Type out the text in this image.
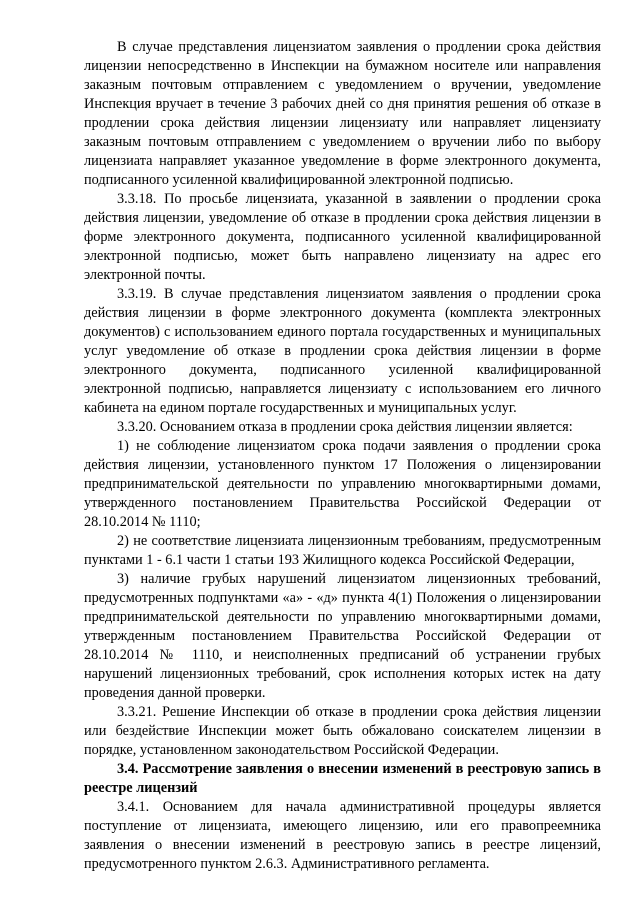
В случае представления лицензиатом заявления о продлении срока действия лицензии непосредственно в Инспекции на бумажном носителе или направления заказным почтовым отправлением с уведомлением о вручении, уведомление Инспекция вручает в течение 3 рабочих дней со дня принятия решения об отказе в продлении срока действия лицензии лицензиату или направляет лицензиату заказным почтовым отправлением с уведомлением о вручении либо по выбору лицензиата направляет указанное уведомление в форме электронного документа, подписанного усиленной квалифицированной электронной подписью.

3.3.18. По просьбе лицензиата, указанной в заявлении о продлении срока действия лицензии, уведомление об отказе в продлении срока действия лицензии в форме электронного документа, подписанного усиленной квалифицированной электронной подписью, может быть направлено лицензиату на адрес его электронной почты.

3.3.19. В случае представления лицензиатом заявления о продлении срока действия лицензии в форме электронного документа (комплекта электронных документов) с использованием единого портала государственных и муниципальных услуг уведомление об отказе в продлении срока действия лицензии в форме электронного документа, подписанного усиленной квалифицированной электронной подписью, направляется лицензиату с использованием его личного кабинета на едином портале государственных и муниципальных услуг.

3.3.20. Основанием отказа в продлении срока действия лицензии является:

1) не соблюдение лицензиатом срока подачи заявления о продлении срока действия лицензии, установленного пунктом 17 Положения о лицензировании предпринимательской деятельности по управлению многоквартирными домами, утвержденного постановлением Правительства Российской Федерации от 28.10.2014 № 1110;

2) не соответствие лицензиата лицензионным требованиям, предусмотренным пунктами 1 - 6.1 части 1 статьи 193 Жилищного кодекса Российской Федерации,

3) наличие грубых нарушений лицензиатом лицензионных требований, предусмотренных подпунктами «а» - «д» пункта 4(1) Положения о лицензировании предпринимательской деятельности по управлению многоквартирными домами, утвержденным постановлением Правительства Российской Федерации от 28.10.2014 № 1110, и неисполненных предписаний об устранении грубых нарушений лицензионных требований, срок исполнения которых истек на дату проведения данной проверки.

3.3.21. Решение Инспекции об отказе в продлении срока действия лицензии или бездействие Инспекции может быть обжаловано соискателем лицензии в порядке, установленном законодательством Российской Федерации.

3.4. Рассмотрение заявления о внесении изменений в реестровую запись в реестре лицензий

3.4.1. Основанием для начала административной процедуры является поступление от лицензиата, имеющего лицензию, или его правопреемника заявления о внесении изменений в реестровую запись в реестре лицензий, предусмотренного пунктом 2.6.3. Административного регламента.
